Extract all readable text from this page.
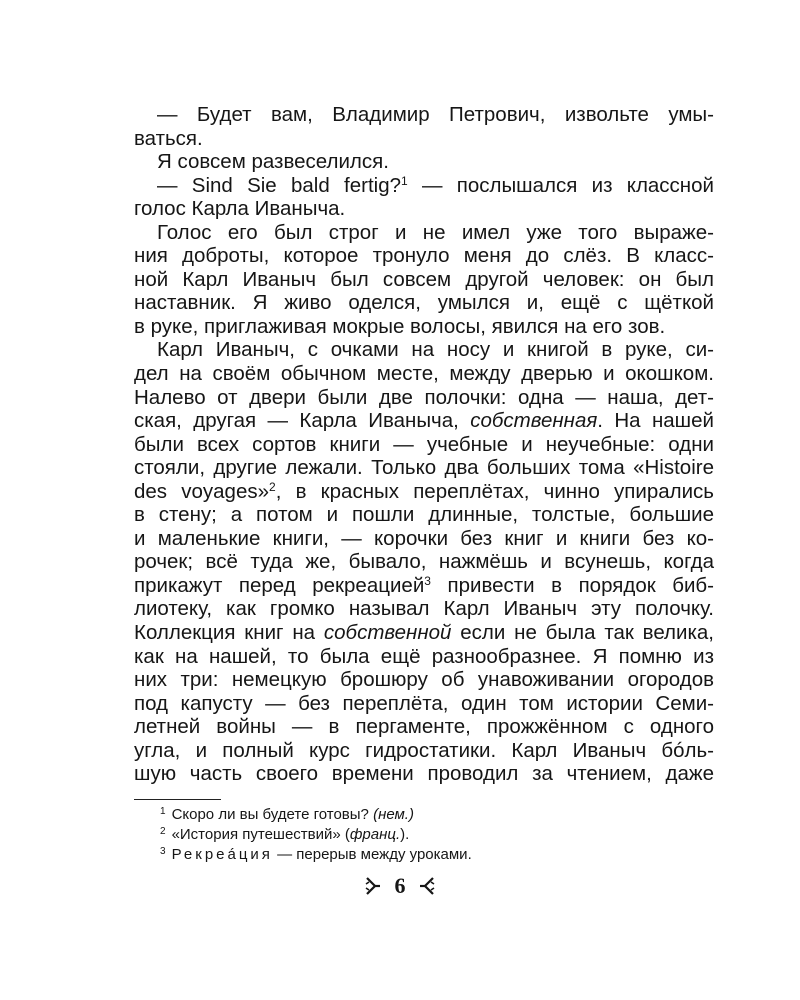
— Будет вам, Владимир Петрович, извольте умы-
ваться.
Я совсем развеселился.
— Sind Sie bald fertig?$^1$ — послышался из классной
голос Карла Иваныча.
Голос его был строг и не имел уже того выраже-
ния доброты, которое тронуло меня до слёз. В класс-
ной Карл Иваныч был совсем другой человек: он был
наставник. Я живо оделся, умылся и, ещё с щёткой
в руке, приглаживая мокрые волосы, явился на его зов.
Карл Иваныч, с очками на носу и книгой в руке, си-
дел на своём обычном месте, между дверью и окошком.
Налево от двери были две полочки: одна — наша, дет-
ская, другая — Карла Иваныча, собственная. На нашей
были всех сортов книги — учебные и неучебные: одни
стояли, другие лежали. Только два больших тома «Histoire
des voyages»$^2$, в красных переплётах, чинно упирались
в стену; а потом и пошли длинные, толстые, большие
и маленькие книги, — корочки без книг и книги без ко-
рочек; всё туда же, бывало, нажмёшь и всунешь, когда
прикажут перед рекреацией$^3$ привести в порядок биб-
лиотеку, как громко называл Карл Иваныч эту полочку.
Коллекция книг на собственной если не была так велика,
как на нашей, то была ещё разнообразнее. Я помню из
них три: немецкую брошюру об унавоживании огородов
под капусту — без переплёта, один том истории Семи-
летней войны — в пергаменте, прожжённом с одного
угла, и полный курс гидростатики. Карл Иваныч бóль-
шую часть своего времени проводил за чтением, даже
$^1$ Скоро ли вы будете готовы? (нем.)
$^2$ «История путешествий» (франц.).
$^3$ Рекреáция — перерыв между уроками.
6
